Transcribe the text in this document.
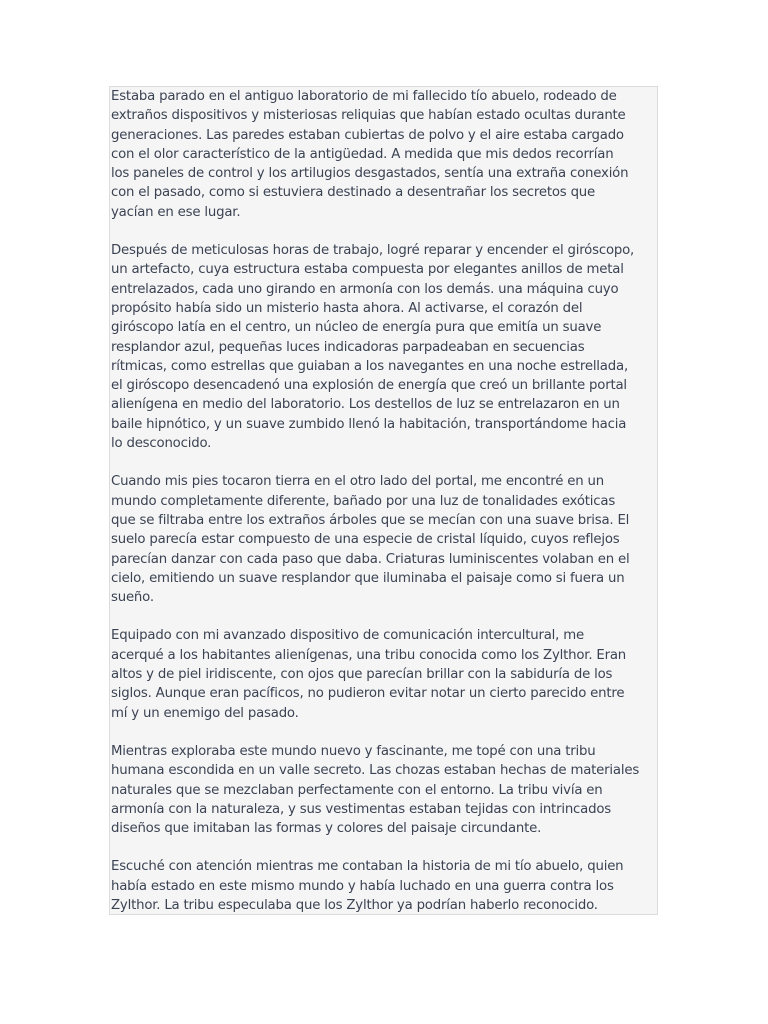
Estaba parado en el antiguo laboratorio de mi fallecido tío abuelo, rodeado de
extraños dispositivos y misteriosas reliquias que habían estado ocultas durante
generaciones. Las paredes estaban cubiertas de polvo y el aire estaba cargado
con el olor característico de la antigüedad. A medida que mis dedos recorrían
los paneles de control y los artilugios desgastados, sentía una extraña conexión
con el pasado, como si estuviera destinado a desentrañar los secretos que
yacían en ese lugar.

Después de meticulosas horas de trabajo, logré reparar y encender el giróscopo,
un artefacto, cuya estructura estaba compuesta por elegantes anillos de metal
entrelazados, cada uno girando en armonía con los demás. una máquina cuyo
propósito había sido un misterio hasta ahora. Al activarse, el corazón del
giróscopo latía en el centro, un núcleo de energía pura que emitía un suave
resplandor azul, pequeñas luces indicadoras parpadeaban en secuencias
rítmicas, como estrellas que guiaban a los navegantes en una noche estrellada,
el giróscopo desencadenó una explosión de energía que creó un brillante portal
alienígena en medio del laboratorio. Los destellos de luz se entrelazaron en un
baile hipnótico, y un suave zumbido llenó la habitación, transportándome hacia
lo desconocido.

Cuando mis pies tocaron tierra en el otro lado del portal, me encontré en un
mundo completamente diferente, bañado por una luz de tonalidades exóticas
que se filtraba entre los extraños árboles que se mecían con una suave brisa. El
suelo parecía estar compuesto de una especie de cristal líquido, cuyos reflejos
parecían danzar con cada paso que daba. Criaturas luminiscentes volaban en el
cielo, emitiendo un suave resplandor que iluminaba el paisaje como si fuera un
sueño.

Equipado con mi avanzado dispositivo de comunicación intercultural, me
acerqué a los habitantes alienígenas, una tribu conocida como los Zylthor. Eran
altos y de piel iridiscente, con ojos que parecían brillar con la sabiduría de los
siglos. Aunque eran pacíficos, no pudieron evitar notar un cierto parecido entre
mí y un enemigo del pasado.

Mientras exploraba este mundo nuevo y fascinante, me topé con una tribu
humana escondida en un valle secreto. Las chozas estaban hechas de materiales
naturales que se mezclaban perfectamente con el entorno. La tribu vivía en
armonía con la naturaleza, y sus vestimentas estaban tejidas con intrincados
diseños que imitaban las formas y colores del paisaje circundante.

Escuché con atención mientras me contaban la historia de mi tío abuelo, quien
había estado en este mismo mundo y había luchado en una guerra contra los
Zylthor. La tribu especulaba que los Zylthor ya podrían haberlo reconocido.
